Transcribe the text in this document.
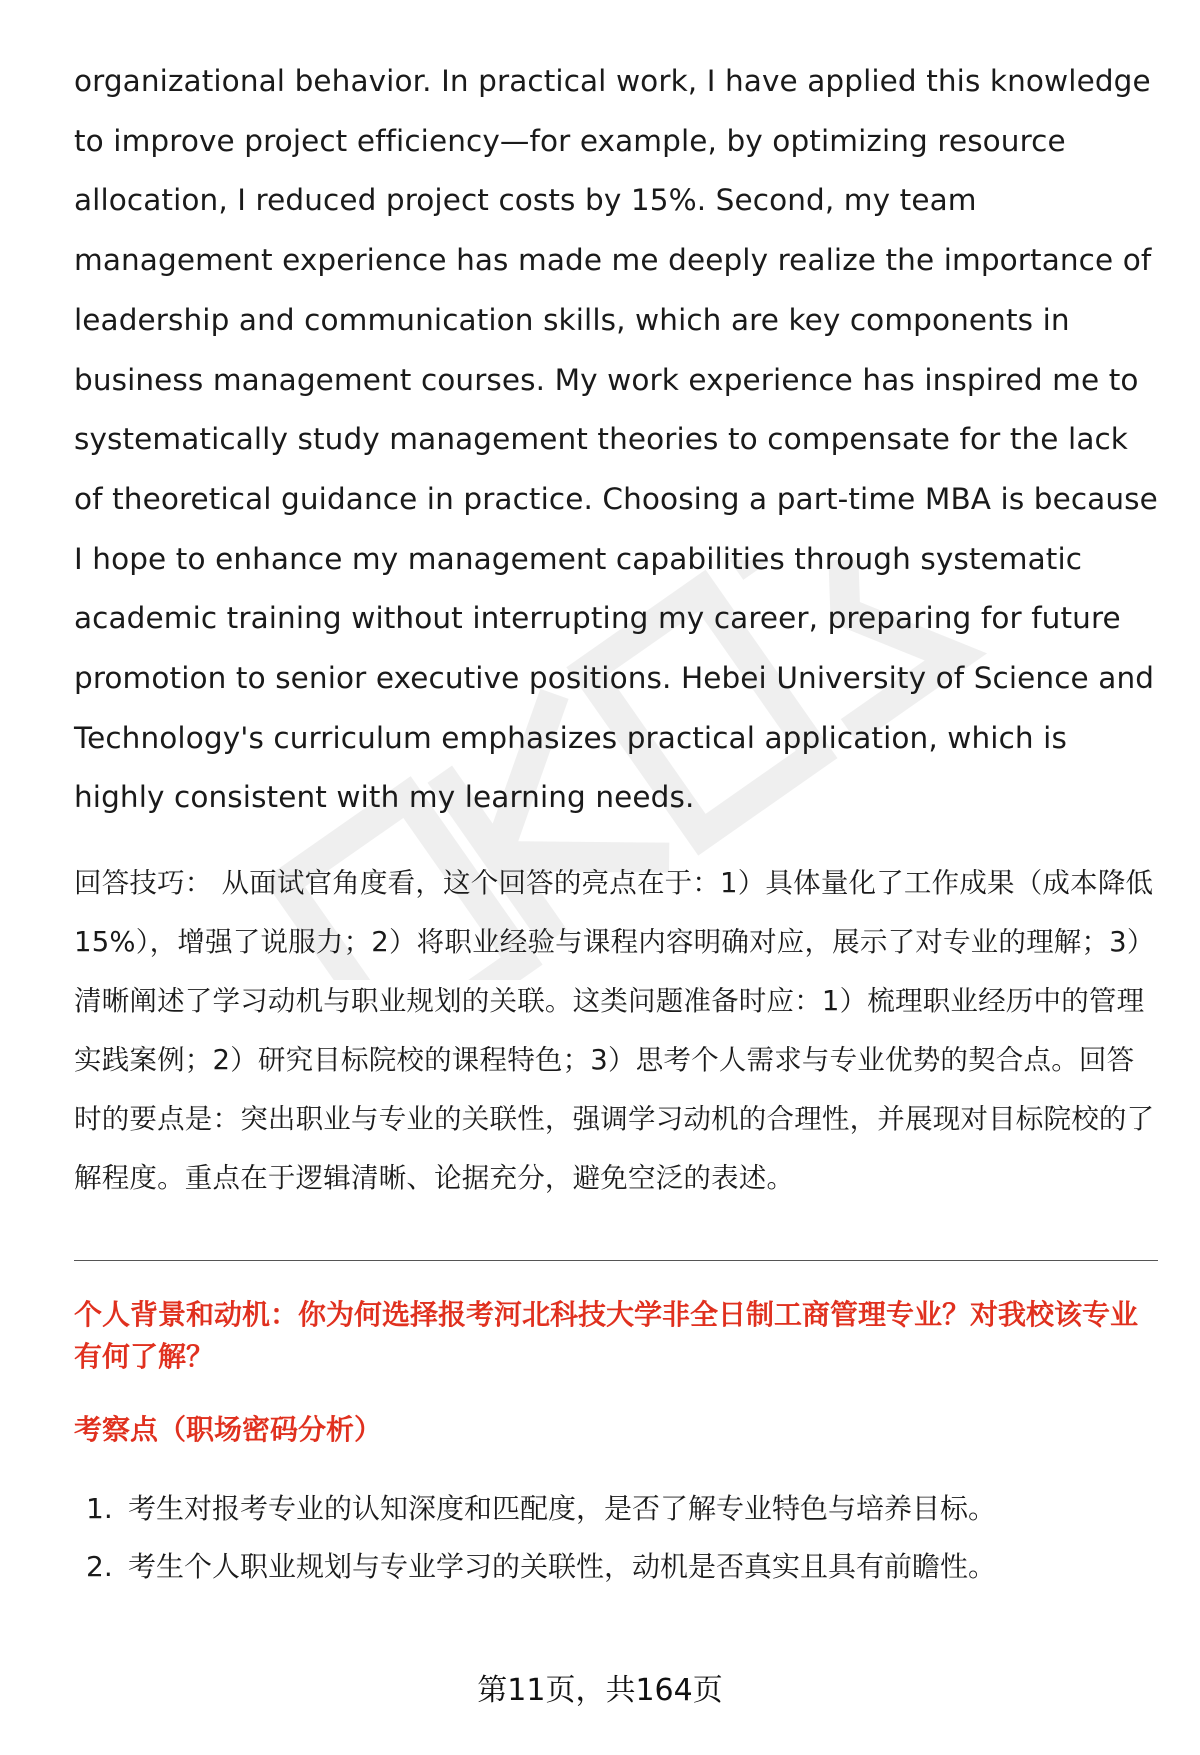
organizational behavior. In practical work, I have applied this knowledge to improve project efficiency—for example, by optimizing resource allocation, I reduced project costs by 15%. Second, my team management experience has made me deeply realize the importance of leadership and communication skills, which are key components in business management courses. My work experience has inspired me to systematically study management theories to compensate for the lack of theoretical guidance in practice. Choosing a part-time MBA is because I hope to enhance my management capabilities through systematic academic training without interrupting my career, preparing for future promotion to senior executive positions. Hebei University of Science and Technology's curriculum emphasizes practical application, which is highly consistent with my learning needs.

回答技巧： 从面试官角度看，这个回答的亮点在于：1）具体量化了工作成果（成本降低15%），增强了说服力；2）将职业经验与课程内容明确对应，展示了对专业的理解；3）清晰阐述了学习动机与职业规划的关联。这类问题准备时应：1）梳理职业经历中的管理实践案例；2）研究目标院校的课程特色；3）思考个人需求与专业优势的契合点。回答时的要点是：突出职业与专业的关联性，强调学习动机的合理性，并展现对目标院校的了解程度。重点在于逻辑清晰、论据充分，避免空泛的表述。

个人背景和动机：你为何选择报考河北科技大学非全日制工商管理专业？对我校该专业有何了解？
考察点（职场密码分析）
1. 考生对报考专业的认知深度和匹配度，是否了解专业特色与培养目标。
2. 考生个人职业规划与专业学习的关联性，动机是否真实且具有前瞻性。
第11页，共164页
